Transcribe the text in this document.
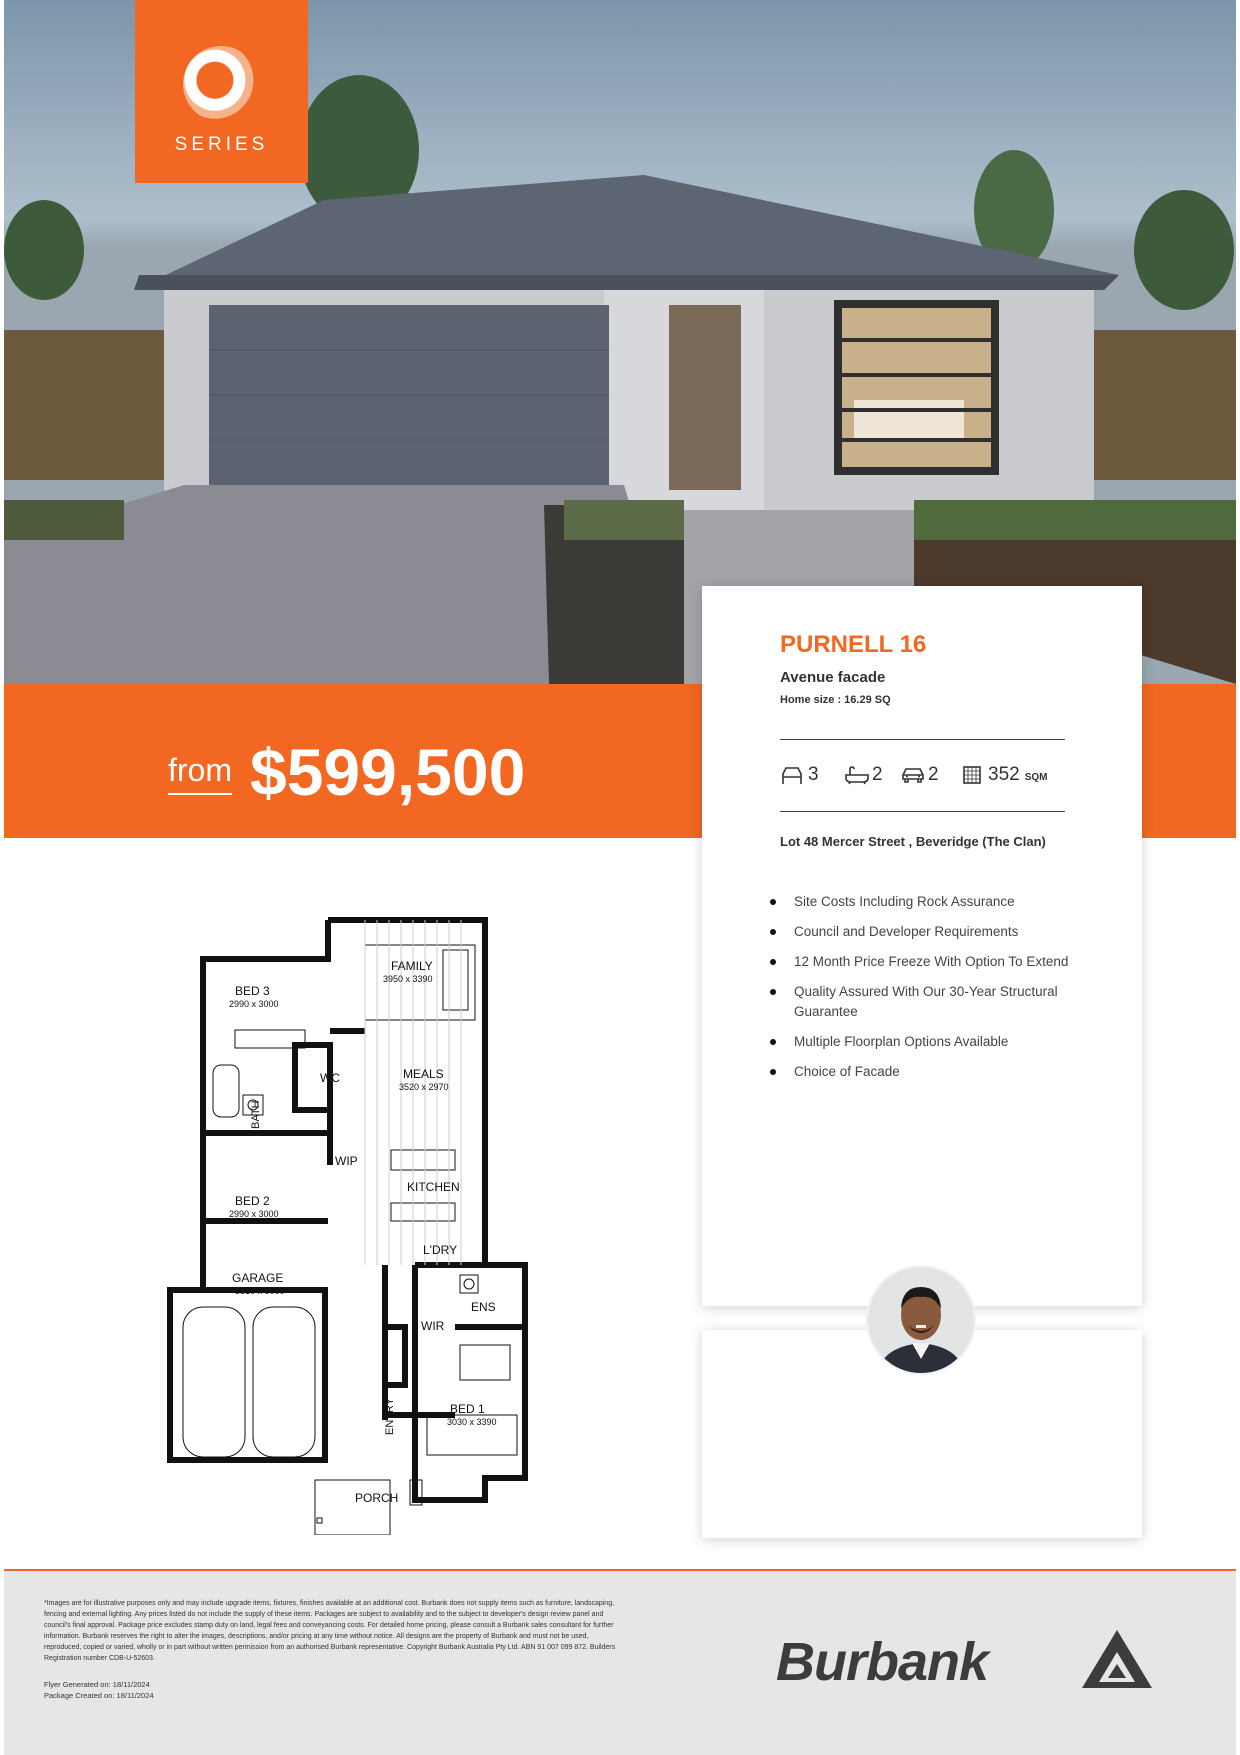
SERIES
from $599,500
PURNELL 16
Avenue facade
Home size : 16.29 SQ
3	2 2	352 SQM
Lot 48 Mercer Street , Beveridge (The Clan)
Site Costs Including Rock Assurance
Council and Developer Requirements
12 Month Price Freeze With Option To Extend
Quality Assured With Our 30-Year Structural Guarantee
Multiple Floorplan Options Available
Choice of Facade
FAMILY
3950 x 3390
BED 3
2990 x 3000
WC	MEALS
3520 x 2970
BATH
WIP
KITCHEN
BED 2
2990 x 3000
L'DRY
GARAGE
5510 x 6000
ENS
WIR
ENTRY	BED 1
3030 x 3390
PORCH
*Images are for illustrative purposes only and may include upgrade items, fixtures, finishes available at an additional cost. Burbank does not supply items such as furniture, landscaping, fencing and external lighting. Any prices listed do not include the supply of these items. Packages are subject to availability and to the subject to developer's design review panel and council's final approval. Package price excludes stamp duty on land, legal fees and conveyancing costs. For detailed home pricing, please consult a Burbank sales consultant for further information. Burbank reserves the right to alter the images, descriptions, and/or pricing at any time without notice. All designs are the property of Burbank and must not be used, reproduced, copied or varied, wholly or in part without written permission from an authorised Burbank representative. Copyright Burbank Australia Pty Ltd. ABN 91 007 099 872. Builders Registration number CDB-U-52603.
Flyer Generated on: 18/11/2024
Package Created on: 18/11/2024
Burbank
